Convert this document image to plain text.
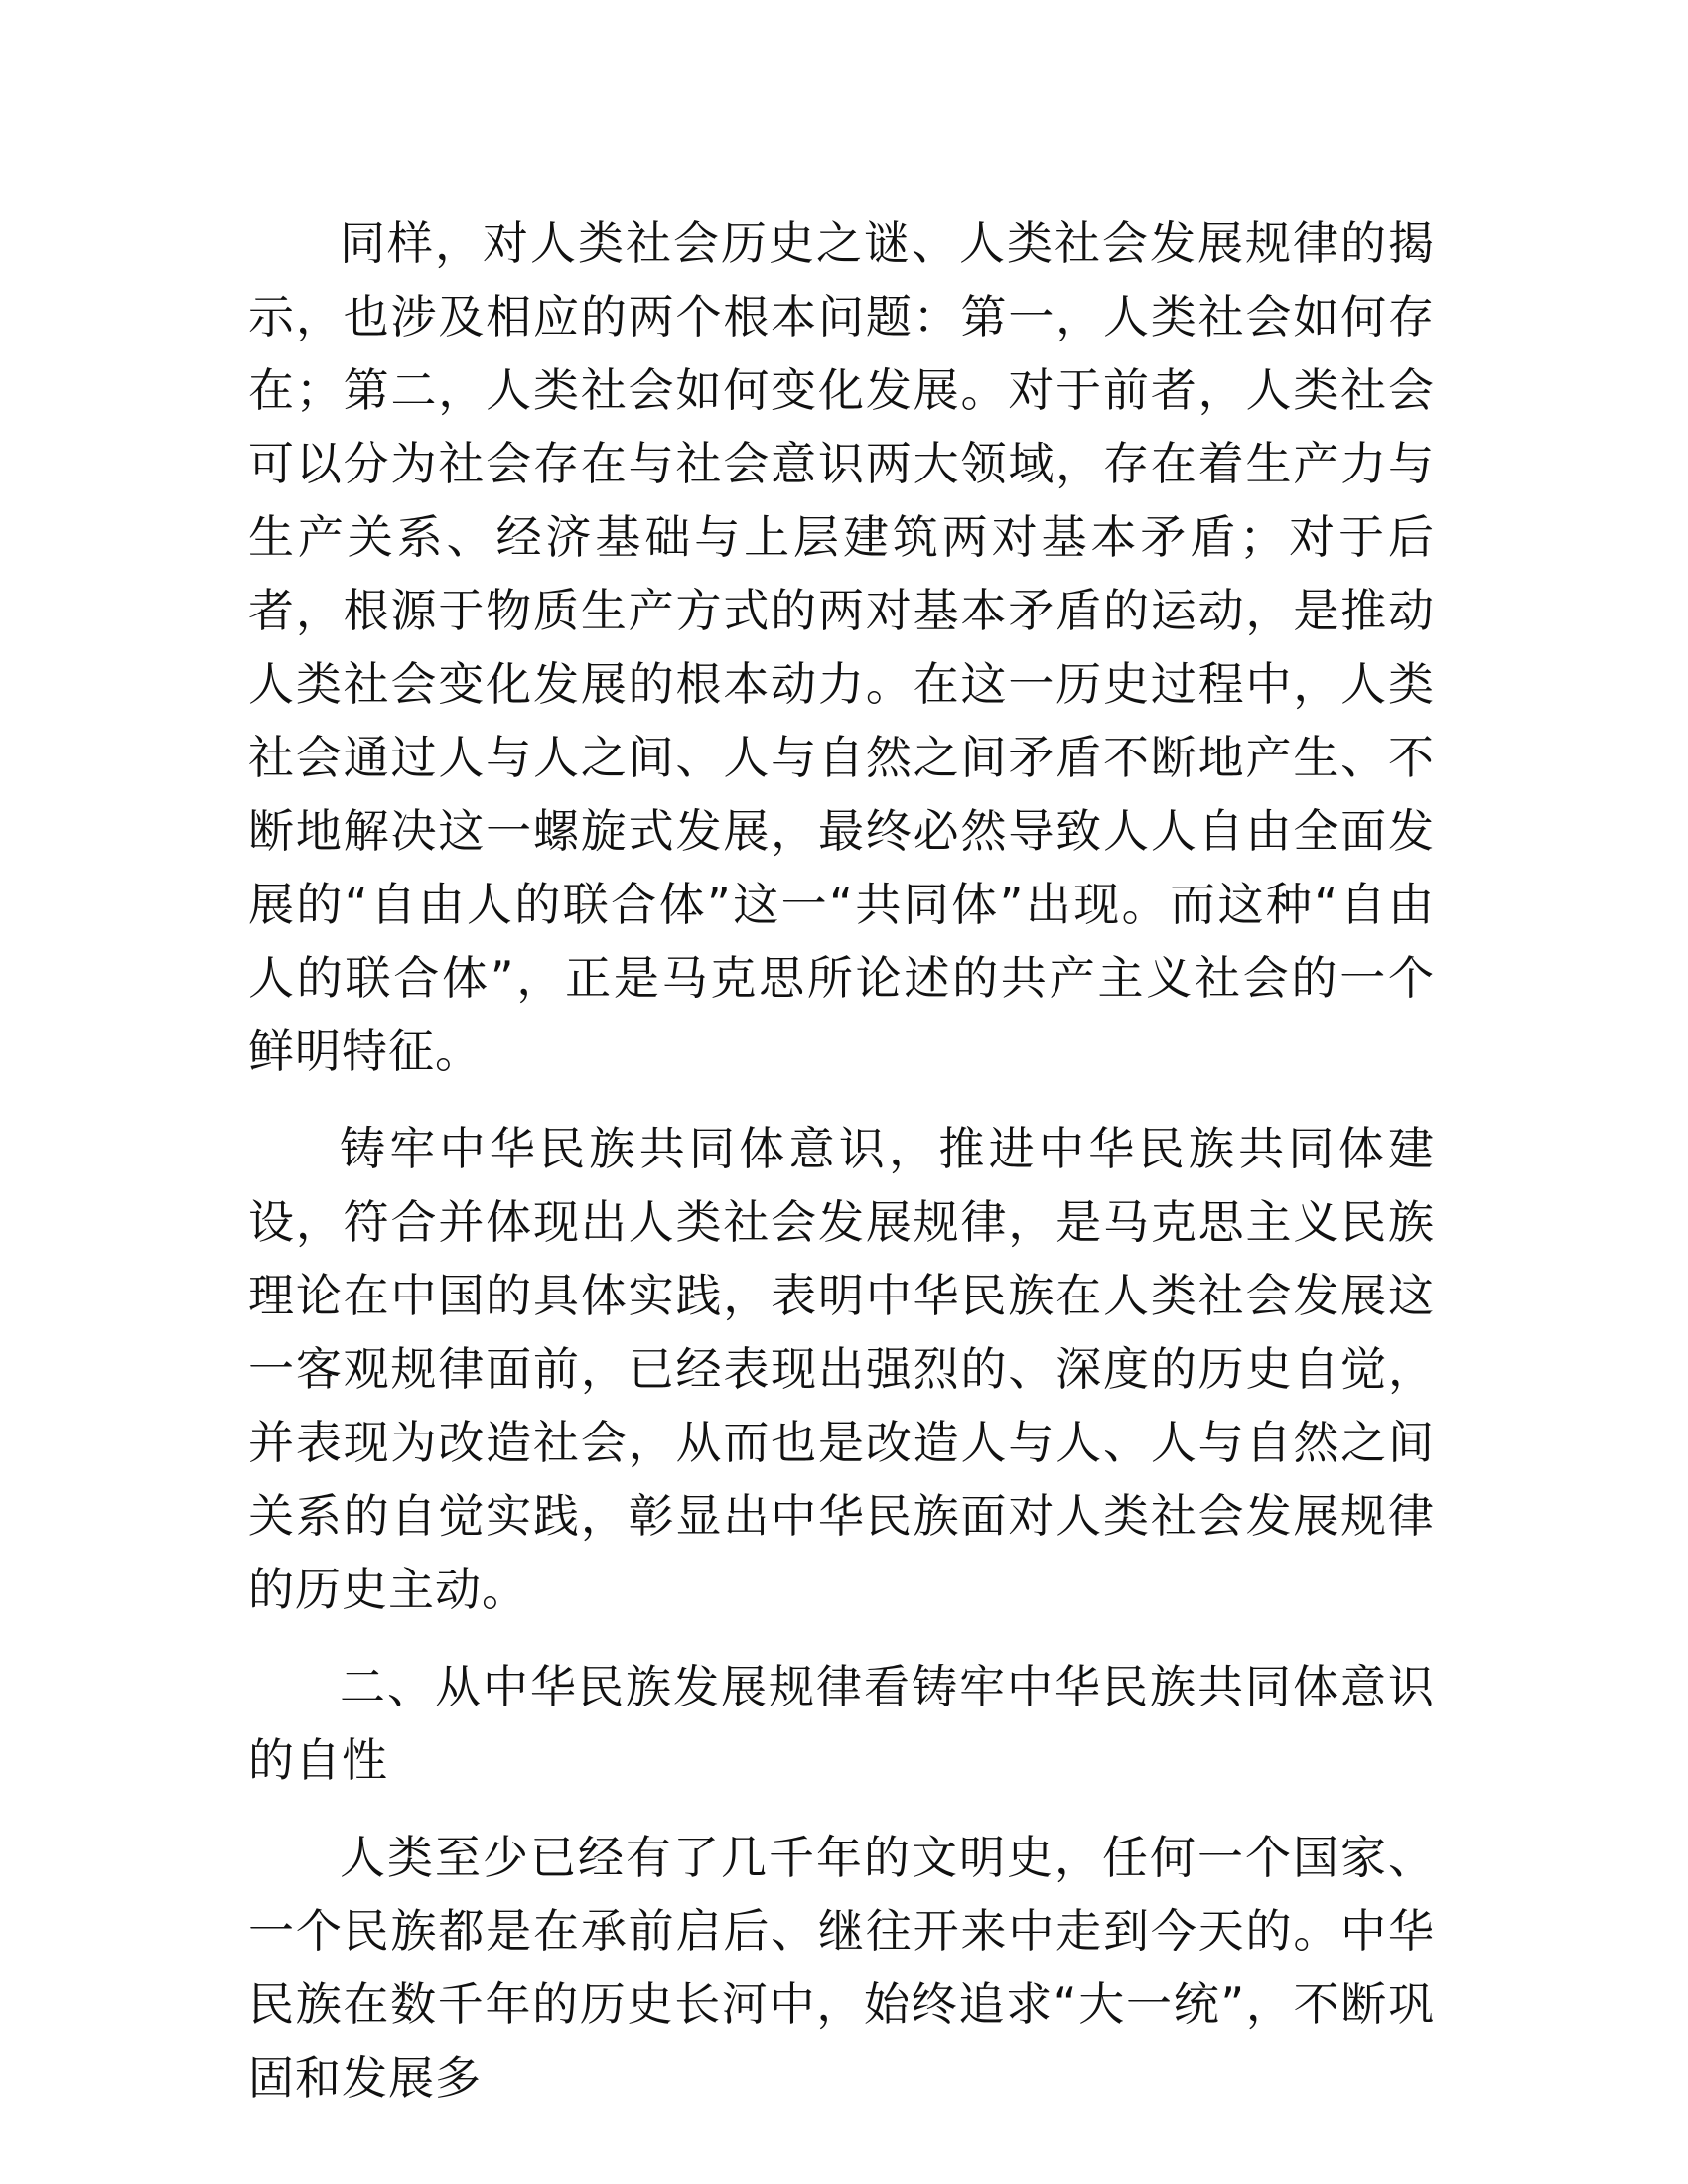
同样，对人类社会历史之谜、人类社会发展规律的揭示，也涉及相应的两个根本问题：第一，人类社会如何存在；第二，人类社会如何变化发展。对于前者，人类社会可以分为社会存在与社会意识两大领域，存在着生产力与生产关系、经济基础与上层建筑两对基本矛盾；对于后者，根源于物质生产方式的两对基本矛盾的运动，是推动人类社会变化发展的根本动力。在这一历史过程中，人类社会通过人与人之间、人与自然之间矛盾不断地产生、不断地解决这一螺旋式发展，最终必然导致人人自由全面发展的“自由人的联合体”这一“共同体”出现。而这种“自由人的联合体”，正是马克思所论述的共产主义社会的一个鲜明特征。

铸牢中华民族共同体意识，推进中华民族共同体建设，符合并体现出人类社会发展规律，是马克思主义民族理论在中国的具体实践，表明中华民族在人类社会发展这一客观规律面前，已经表现出强烈的、深度的历史自觉，并表现为改造社会，从而也是改造人与人、人与自然之间关系的自觉实践，彰显出中华民族面对人类社会发展规律的历史主动。

二、从中华民族发展规律看铸牢中华民族共同体意识的自性

人类至少已经有了几千年的文明史，任何一个国家、一个民族都是在承前启后、继往开来中走到今天的。中华民族在数千年的历史长河中，始终追求“大一统”，不断巩固和发展多
